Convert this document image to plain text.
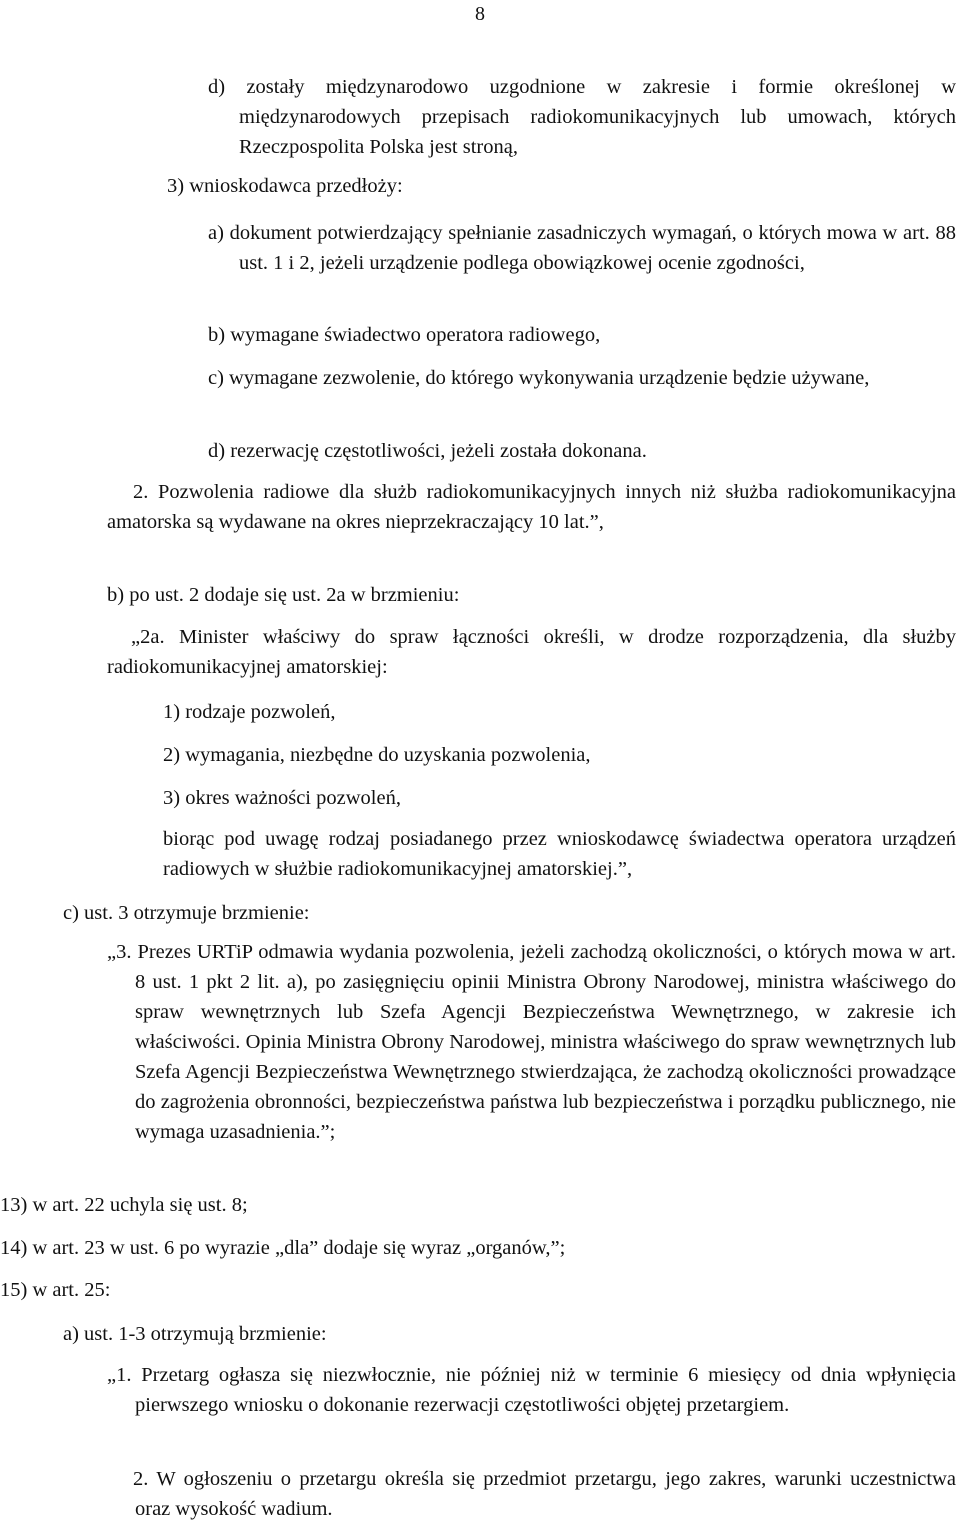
8

d) zostały międzynarodowo uzgodnione w zakresie i formie określonej w międzynarodowych przepisach radiokomunikacyjnych lub umowach, których Rzeczpospolita Polska jest stroną,

3) wnioskodawca przedłoży:

a) dokument potwierdzający spełnianie zasadniczych wymagań, o których mowa w art. 88 ust. 1 i 2, jeżeli urządzenie podlega obowiązkowej ocenie zgodności,

b) wymagane świadectwo operatora radiowego,

c) wymagane zezwolenie, do którego wykonywania urządzenie będzie używane,

d) rezerwację częstotliwości, jeżeli została dokonana.

2. Pozwolenia radiowe dla służb radiokomunikacyjnych innych niż służba radiokomunikacyjna amatorska są wydawane na okres nieprzekraczający 10 lat.”,

b) po ust. 2 dodaje się ust. 2a w brzmieniu:

„2a. Minister właściwy do spraw łączności określi, w drodze rozporządzenia, dla służby radiokomunikacyjnej amatorskiej:

1) rodzaje pozwoleń,

2) wymagania, niezbędne do uzyskania pozwolenia,

3) okres ważności pozwoleń,

biorąc pod uwagę rodzaj posiadanego przez wnioskodawcę świadectwa operatora urządzeń radiowych w służbie radiokomunikacyjnej amatorskiej.”,

c) ust. 3 otrzymuje brzmienie:

„3. Prezes URTiP odmawia wydania pozwolenia, jeżeli zachodzą okoliczności, o których mowa w art. 8 ust. 1 pkt 2 lit. a), po zasięgnięciu opinii Ministra Obrony Narodowej, ministra właściwego do spraw wewnętrznych lub Szefa Agencji Bezpieczeństwa Wewnętrznego, w zakresie ich właściwości. Opinia Ministra Obrony Narodowej, ministra właściwego do spraw wewnętrznych lub Szefa Agencji Bezpieczeństwa Wewnętrznego stwierdzająca, że zachodzą okoliczności prowadzące do zagrożenia obronności, bezpieczeństwa państwa lub bezpieczeństwa i porządku publicznego, nie wymaga uzasadnienia.”;

13) w art. 22 uchyla się ust. 8;

14) w art. 23 w ust. 6 po wyrazie „dla” dodaje się wyraz „organów,”;

15) w art. 25:

a) ust. 1-3 otrzymują brzmienie:

„1. Przetarg ogłasza się niezwłocznie, nie później niż w terminie 6 miesięcy od dnia wpłynięcia pierwszego wniosku o dokonanie rezerwacji częstotliwości objętej przetargiem.

2. W ogłoszeniu o przetargu określa się przedmiot przetargu, jego zakres, warunki uczestnictwa oraz wysokość wadium.
